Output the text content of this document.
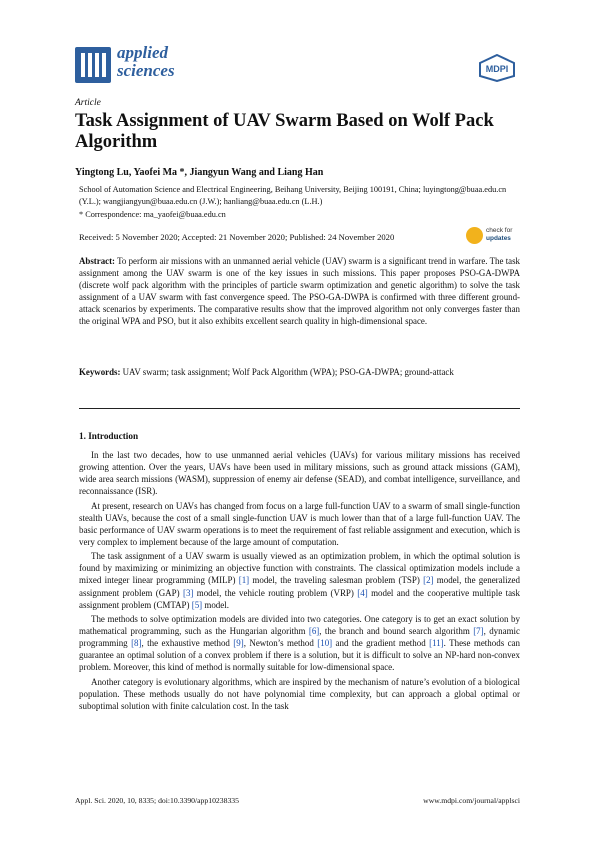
applied
sciences	MDPI
Article
Task Assignment of UAV Swarm Based on Wolf Pack Algorithm
Yingtong Lu, Yaofei Ma *, Jiangyun Wang and Liang Han
School of Automation Science and Electrical Engineering, Beihang University, Beijing 100191, China; luyingtong@buaa.edu.cn (Y.L.); wangjiangyun@buaa.edu.cn (J.W.); hanliang@buaa.edu.cn (L.H.)
* Correspondence: ma_yaofei@buaa.edu.cn
Received: 5 November 2020; Accepted: 21 November 2020; Published: 24 November 2020
check for
updates
Abstract: To perform air missions with an unmanned aerial vehicle (UAV) swarm is a significant trend in warfare. The task assignment among the UAV swarm is one of the key issues in such missions. This paper proposes PSO-GA-DWPA (discrete wolf pack algorithm with the principles of particle swarm optimization and genetic algorithm) to solve the task assignment of a UAV swarm with fast convergence speed. The PSO-GA-DWPA is confirmed with three different ground-attack scenarios by experiments. The comparative results show that the improved algorithm not only converges faster than the original WPA and PSO, but it also exhibits excellent search quality in high-dimensional space.
Keywords: UAV swarm; task assignment; Wolf Pack Algorithm (WPA); PSO-GA-DWPA; ground-attack
1. Introduction

In the last two decades, how to use unmanned aerial vehicles (UAVs) for various military missions has received growing attention. Over the years, UAVs have been used in military missions, such as ground attack missions (GAM), wide area search missions (WASM), suppression of enemy air defense (SEAD), and combat intelligence, surveillance, and reconnaissance (ISR).

At present, research on UAVs has changed from focus on a large full-function UAV to a swarm of small single-function stealth UAVs, because the cost of a small single-function UAV is much lower than that of a large full-function UAV. The basic performance of UAV swarm operations is to meet the requirement of fast reliable assignment and execution, which is very complex to implement because of the large amount of computation.

The task assignment of a UAV swarm is usually viewed as an optimization problem, in which the optimal solution is found by maximizing or minimizing an objective function with constraints. The classical optimization models include a mixed integer linear programming (MILP) [1] model, the traveling salesman problem (TSP) [2] model, the generalized assignment problem (GAP) [3] model, the vehicle routing problem (VRP) [4] model and the cooperative multiple task assignment problem (CMTAP) [5] model.

The methods to solve optimization models are divided into two categories. One category is to get an exact solution by mathematical programming, such as the Hungarian algorithm [6], the branch and bound search algorithm [7], dynamic programming [8], the exhaustive method [9], Newton’s method [10] and the gradient method [11]. These methods can guarantee an optimal solution of a convex problem if there is a solution, but it is difficult to solve an NP-hard non-convex problem. Moreover, this kind of method is normally suitable for low-dimensional space.

Another category is evolutionary algorithms, which are inspired by the mechanism of nature’s evolution of a biological population. These methods usually do not have polynomial time complexity, but can approach a global optimal or suboptimal solution with finite calculation cost. In the task

Appl. Sci. 2020, 10, 8335; doi:10.3390/app10238335	www.mdpi.com/journal/applsci
